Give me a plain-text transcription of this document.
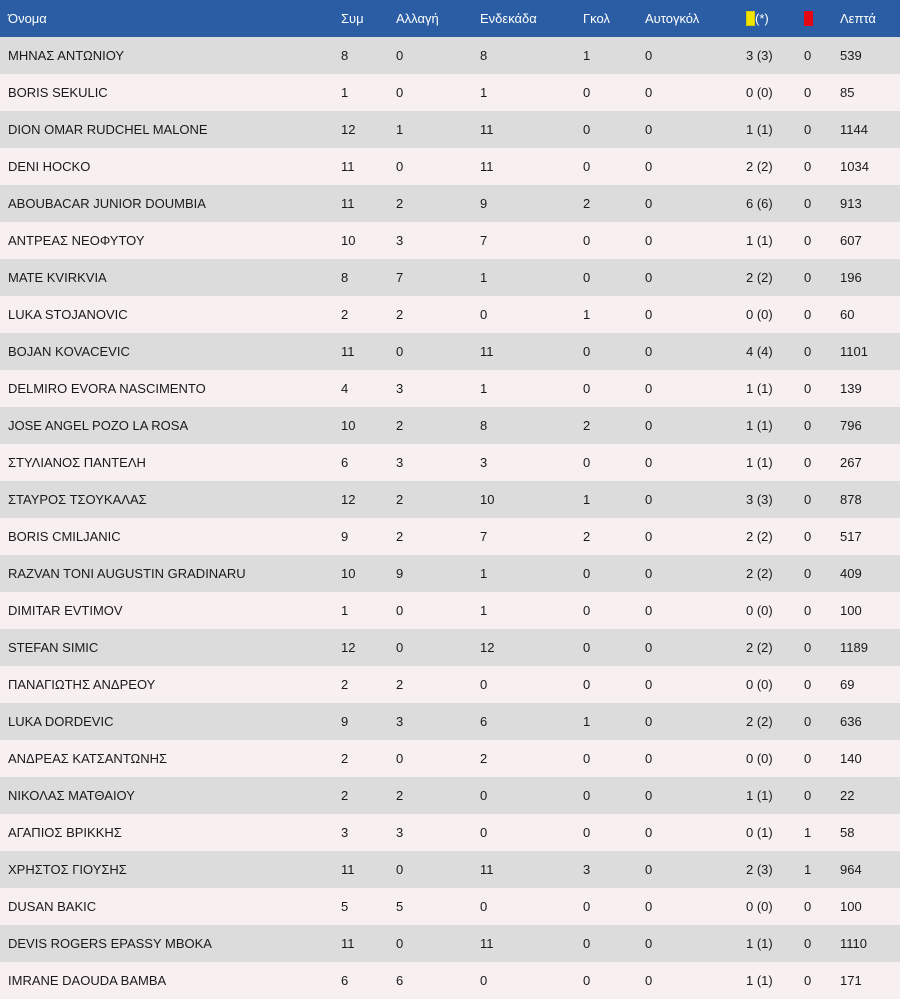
Όνομα	Συμ	Αλλαγή	Ενδεκάδα	Γκολ	Αυτογκόλ	(*)		Λεπτά
ΜΗΝΑΣ ΑΝΤΩΝΙΟΥ	8	0	8	1	0	3 (3)	0	539
BORIS SEKULIC	1	0	1	0	0	0 (0)	0	85
DION OMAR RUDCHEL MALONE	12	1	11	0	0	1 (1)	0	1144
DENI HOCKO	11	0	11	0	0	2 (2)	0	1034
ABOUBACAR JUNIOR DOUMBIA	11	2	9	2	0	6 (6)	0	913
ΑΝΤΡΕΑΣ ΝΕΟΦΥΤΟΥ	10	3	7	0	0	1 (1)	0	607
MATE KVIRKVIA	8	7	1	0	0	2 (2)	0	196
LUKA STOJANOVIC	2	2	0	1	0	0 (0)	0	60
BOJAN KOVACEVIC	11	0	11	0	0	4 (4)	0	1101
DELMIRO EVORA NASCIMENTO	4	3	1	0	0	1 (1)	0	139
JOSE ANGEL POZO LA ROSA	10	2	8	2	0	1 (1)	0	796
ΣΤΥΛΙΑΝΟΣ ΠΑΝΤΕΛΗ	6	3	3	0	0	1 (1)	0	267
ΣΤΑΥΡΟΣ ΤΣΟΥΚΑΛΑΣ	12	2	10	1	0	3 (3)	0	878
BORIS CMILJANIC	9	2	7	2	0	2 (2)	0	517
RAZVAN TONI AUGUSTIN GRADINARU	10	9	1	0	0	2 (2)	0	409
DIMITAR EVTIMOV	1	0	1	0	0	0 (0)	0	100
STEFAN SIMIC	12	0	12	0	0	2 (2)	0	1189
ΠΑΝΑΓΙΩΤΗΣ ΑΝΔΡΕΟΥ	2	2	0	0	0	0 (0)	0	69
LUKA DORDEVIC	9	3	6	1	0	2 (2)	0	636
ΑΝΔΡΕΑΣ ΚΑΤΣΑΝΤΩΝΗΣ	2	0	2	0	0	0 (0)	0	140
ΝΙΚΟΛΑΣ ΜΑΤΘΑΙΟΥ	2	2	0	0	0	1 (1)	0	22
ΑΓΑΠΙΟΣ ΒΡΙΚΚΗΣ	3	3	0	0	0	0 (1)	1	58
ΧΡΗΣΤΟΣ ΓΙΟΥΣΗΣ	11	0	11	3	0	2 (3)	1	964
DUSAN BAKIC	5	5	0	0	0	0 (0)	0	100
DEVIS ROGERS EPASSY MBOKA	11	0	11	0	0	1 (1)	0	1110
IMRANE DAOUDA BAMBA	6	6	0	0	0	1 (1)	0	171
